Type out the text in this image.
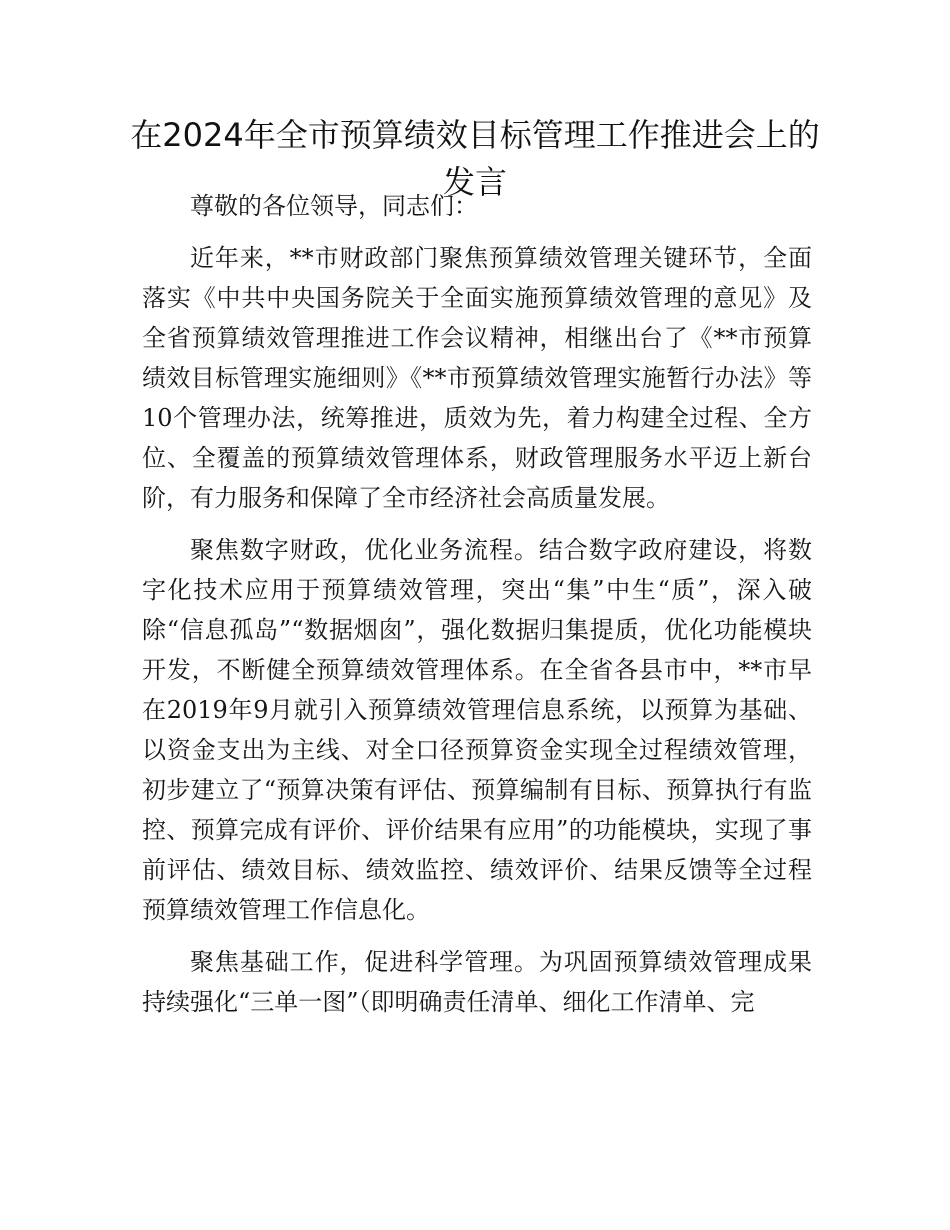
在2024年全市预算绩效目标管理工作推进会上的发言

尊敬的各位领导，同志们：

近年来，**市财政部门聚焦预算绩效管理关键环节，全面落实《中共中央国务院关于全面实施预算绩效管理的意见》及全省预算绩效管理推进工作会议精神，相继出台了《**市预算绩效目标管理实施细则》《**市预算绩效管理实施暂行办法》等10个管理办法，统筹推进，质效为先，着力构建全过程、全方位、全覆盖的预算绩效管理体系，财政管理服务水平迈上新台阶，有力服务和保障了全市经济社会高质量发展。

聚焦数字财政，优化业务流程。结合数字政府建设，将数字化技术应用于预算绩效管理，突出“集”中生“质”，深入破除“信息孤岛”“数据烟囱”，强化数据归集提质，优化功能模块开发，不断健全预算绩效管理体系。在全省各县市中，**市早在2019年9月就引入预算绩效管理信息系统，以预算为基础、以资金支出为主线、对全口径预算资金实现全过程绩效管理，初步建立了“预算决策有评估、预算编制有目标、预算执行有监控、预算完成有评价、评价结果有应用”的功能模块，实现了事前评估、绩效目标、绩效监控、绩效评价、结果反馈等全过程预算绩效管理工作信息化。

聚焦基础工作，促进科学管理。为巩固预算绩效管理成果持续强化“三单一图”（即明确责任清单、细化工作清单、完
